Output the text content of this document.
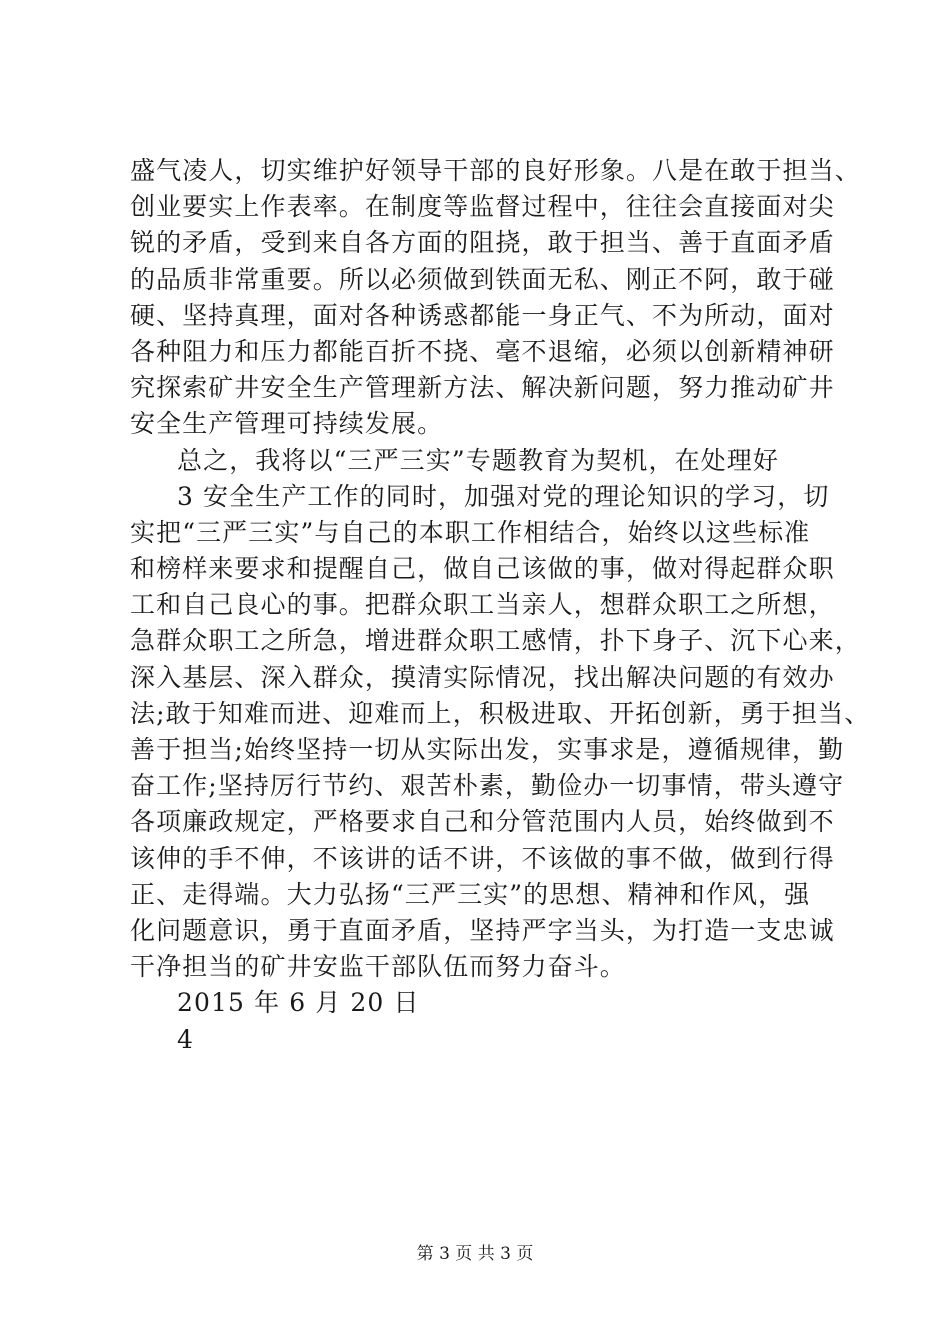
盛气凌人，切实维护好领导干部的良好形象。八是在敢于担当、
创业要实上作表率。在制度等监督过程中，往往会直接面对尖
锐的矛盾，受到来自各方面的阻挠，敢于担当、善于直面矛盾
的品质非常重要。所以必须做到铁面无私、刚正不阿，敢于碰
硬、坚持真理，面对各种诱惑都能一身正气、不为所动，面对
各种阻力和压力都能百折不挠、毫不退缩，必须以创新精神研
究探索矿井安全生产管理新方法、解决新问题，努力推动矿井
安全生产管理可持续发展。
总之，我将以“三严三实”专题教育为契机，在处理好
3 安全生产工作的同时，加强对党的理论知识的学习，切
实把“三严三实”与自己的本职工作相结合，始终以这些标准
和榜样来要求和提醒自己，做自己该做的事，做对得起群众职
工和自己良心的事。把群众职工当亲人，想群众职工之所想，
急群众职工之所急，增进群众职工感情，扑下身子、沉下心来，
深入基层、深入群众，摸清实际情况，找出解决问题的有效办
法;敢于知难而进、迎难而上，积极进取、开拓创新，勇于担当、
善于担当;始终坚持一切从实际出发，实事求是，遵循规律，勤
奋工作;坚持厉行节约、艰苦朴素，勤俭办一切事情，带头遵守
各项廉政规定，严格要求自己和分管范围内人员，始终做到不
该伸的手不伸，不该讲的话不讲，不该做的事不做，做到行得
正、走得端。大力弘扬“三严三实”的思想、精神和作风，强
化问题意识，勇于直面矛盾，坚持严字当头，为打造一支忠诚
干净担当的矿井安监干部队伍而努力奋斗。
2015 年 6 月 20 日
4
第 3 页 共 3 页
